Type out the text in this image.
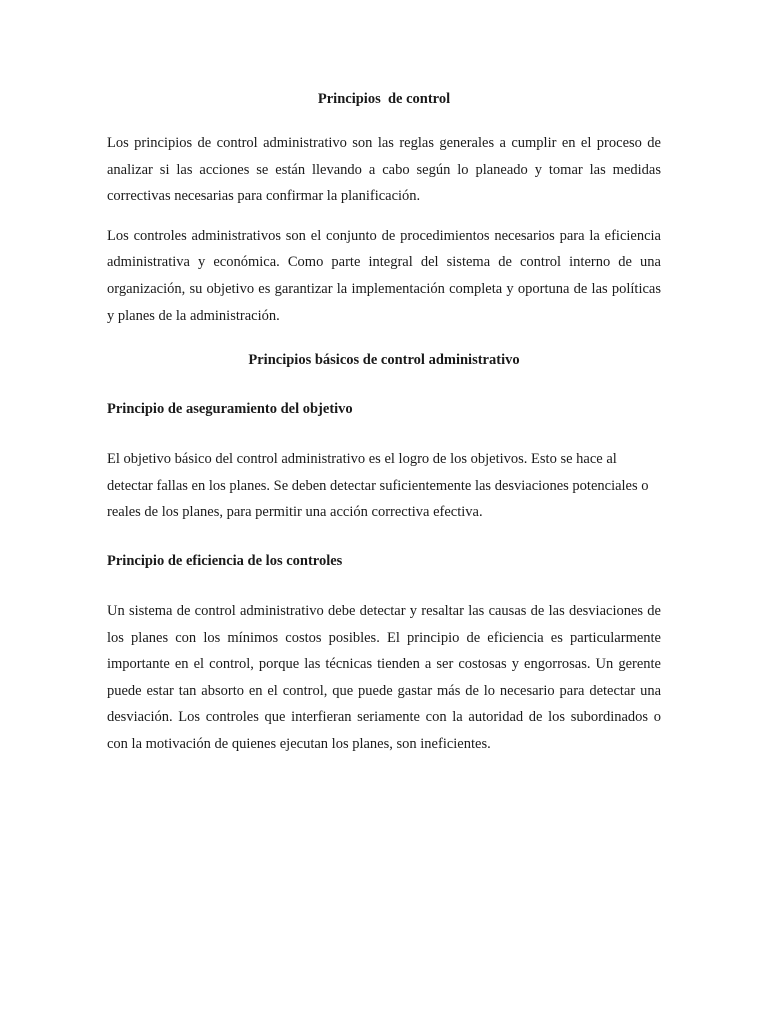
Principios  de control

Los principios de control administrativo son las reglas generales a cumplir en el proceso de analizar si las acciones se están llevando a cabo según lo planeado y tomar las medidas correctivas necesarias para confirmar la planificación.

Los controles administrativos son el conjunto de procedimientos necesarios para la eficiencia administrativa y económica. Como parte integral del sistema de control interno de una organización, su objetivo es garantizar la implementación completa y oportuna de las políticas y planes de la administración.

Principios básicos de control administrativo
Principio de aseguramiento del objetivo

El objetivo básico del control administrativo es el logro de los objetivos. Esto se hace al detectar fallas en los planes. Se deben detectar suficientemente las desviaciones potenciales o reales de los planes, para permitir una acción correctiva efectiva.

Principio de eficiencia de los controles

Un sistema de control administrativo debe detectar y resaltar las causas de las desviaciones de los planes con los mínimos costos posibles. El principio de eficiencia es particularmente importante en el control, porque las técnicas tienden a ser costosas y engorrosas. Un gerente puede estar tan absorto en el control, que puede gastar más de lo necesario para detectar una desviación. Los controles que interfieran seriamente con la autoridad de los subordinados o con la motivación de quienes ejecutan los planes, son ineficientes.
